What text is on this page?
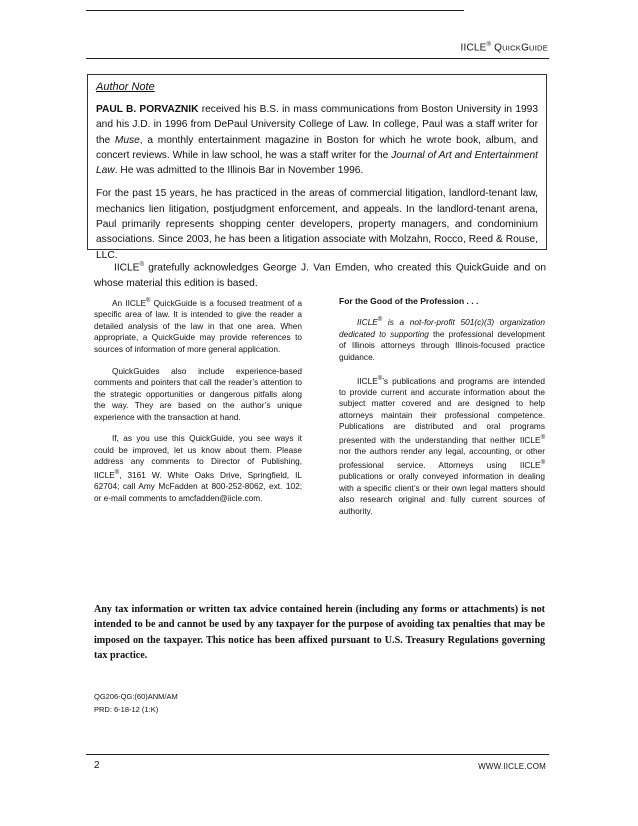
IICLE® QUICKGUIDE
Author Note

PAUL B. PORVAZNIK received his B.S. in mass communications from Boston University in 1993 and his J.D. in 1996 from DePaul University College of Law. In college, Paul was a staff writer for the Muse, a monthly entertainment magazine in Boston for which he wrote book, album, and concert reviews. While in law school, he was a staff writer for the Journal of Art and Entertainment Law. He was admitted to the Illinois Bar in November 1996.

For the past 15 years, he has practiced in the areas of commercial litigation, landlord-tenant law, mechanics lien litigation, postjudgment enforcement, and appeals. In the landlord-tenant arena, Paul primarily represents shopping center developers, property managers, and condominium associations. Since 2003, he has been a litigation associate with Molzahn, Rocco, Reed & Rouse, LLC.

IICLE® gratefully acknowledges George J. Van Emden, who created this QuickGuide and on whose material this edition is based.

An IICLE® QuickGuide is a focused treatment of a specific area of law. It is intended to give the reader a detailed analysis of the law in that one area. When appropriate, a QuickGuide may provide references to sources of information of more general application.

QuickGuides also include experience-based comments and pointers that call the reader’s attention to the strategic opportunities or dangerous pitfalls along the way. They are based on the author’s unique experience with the transaction at hand.

If, as you use this QuickGuide, you see ways it could be improved, let us know about them. Please address any comments to Director of Publishing, IICLE®, 3161 W. White Oaks Drive, Springfield, IL 62704; call Amy McFadden at 800-252-8062, ext. 102; or e-mail comments to amcfadden@iicle.com.

For the Good of the Profession . . .

IICLE® is a not-for-profit 501(c)(3) organization dedicated to supporting the professional development of Illinois attorneys through Illinois-focused practice guidance.

IICLE®’s publications and programs are intended to provide current and accurate information about the subject matter covered and are designed to help attorneys maintain their professional competence. Publications are distributed and oral programs presented with the understanding that neither IICLE® nor the authors render any legal, accounting, or other professional service. Attorneys using IICLE® publications or orally conveyed information in dealing with a specific client’s or their own legal matters should also research original and fully current sources of authority.

Any tax information or written tax advice contained herein (including any forms or attachments) is not intended to be and cannot be used by any taxpayer for the purpose of avoiding tax penalties that may be imposed on the taxpayer. This notice has been affixed pursuant to U.S. Treasury Regulations governing tax practice.
QG206-QG:(60)ANM/AM
PRD: 6-18-12 (1:K)
2	WWW.IICLE.COM
